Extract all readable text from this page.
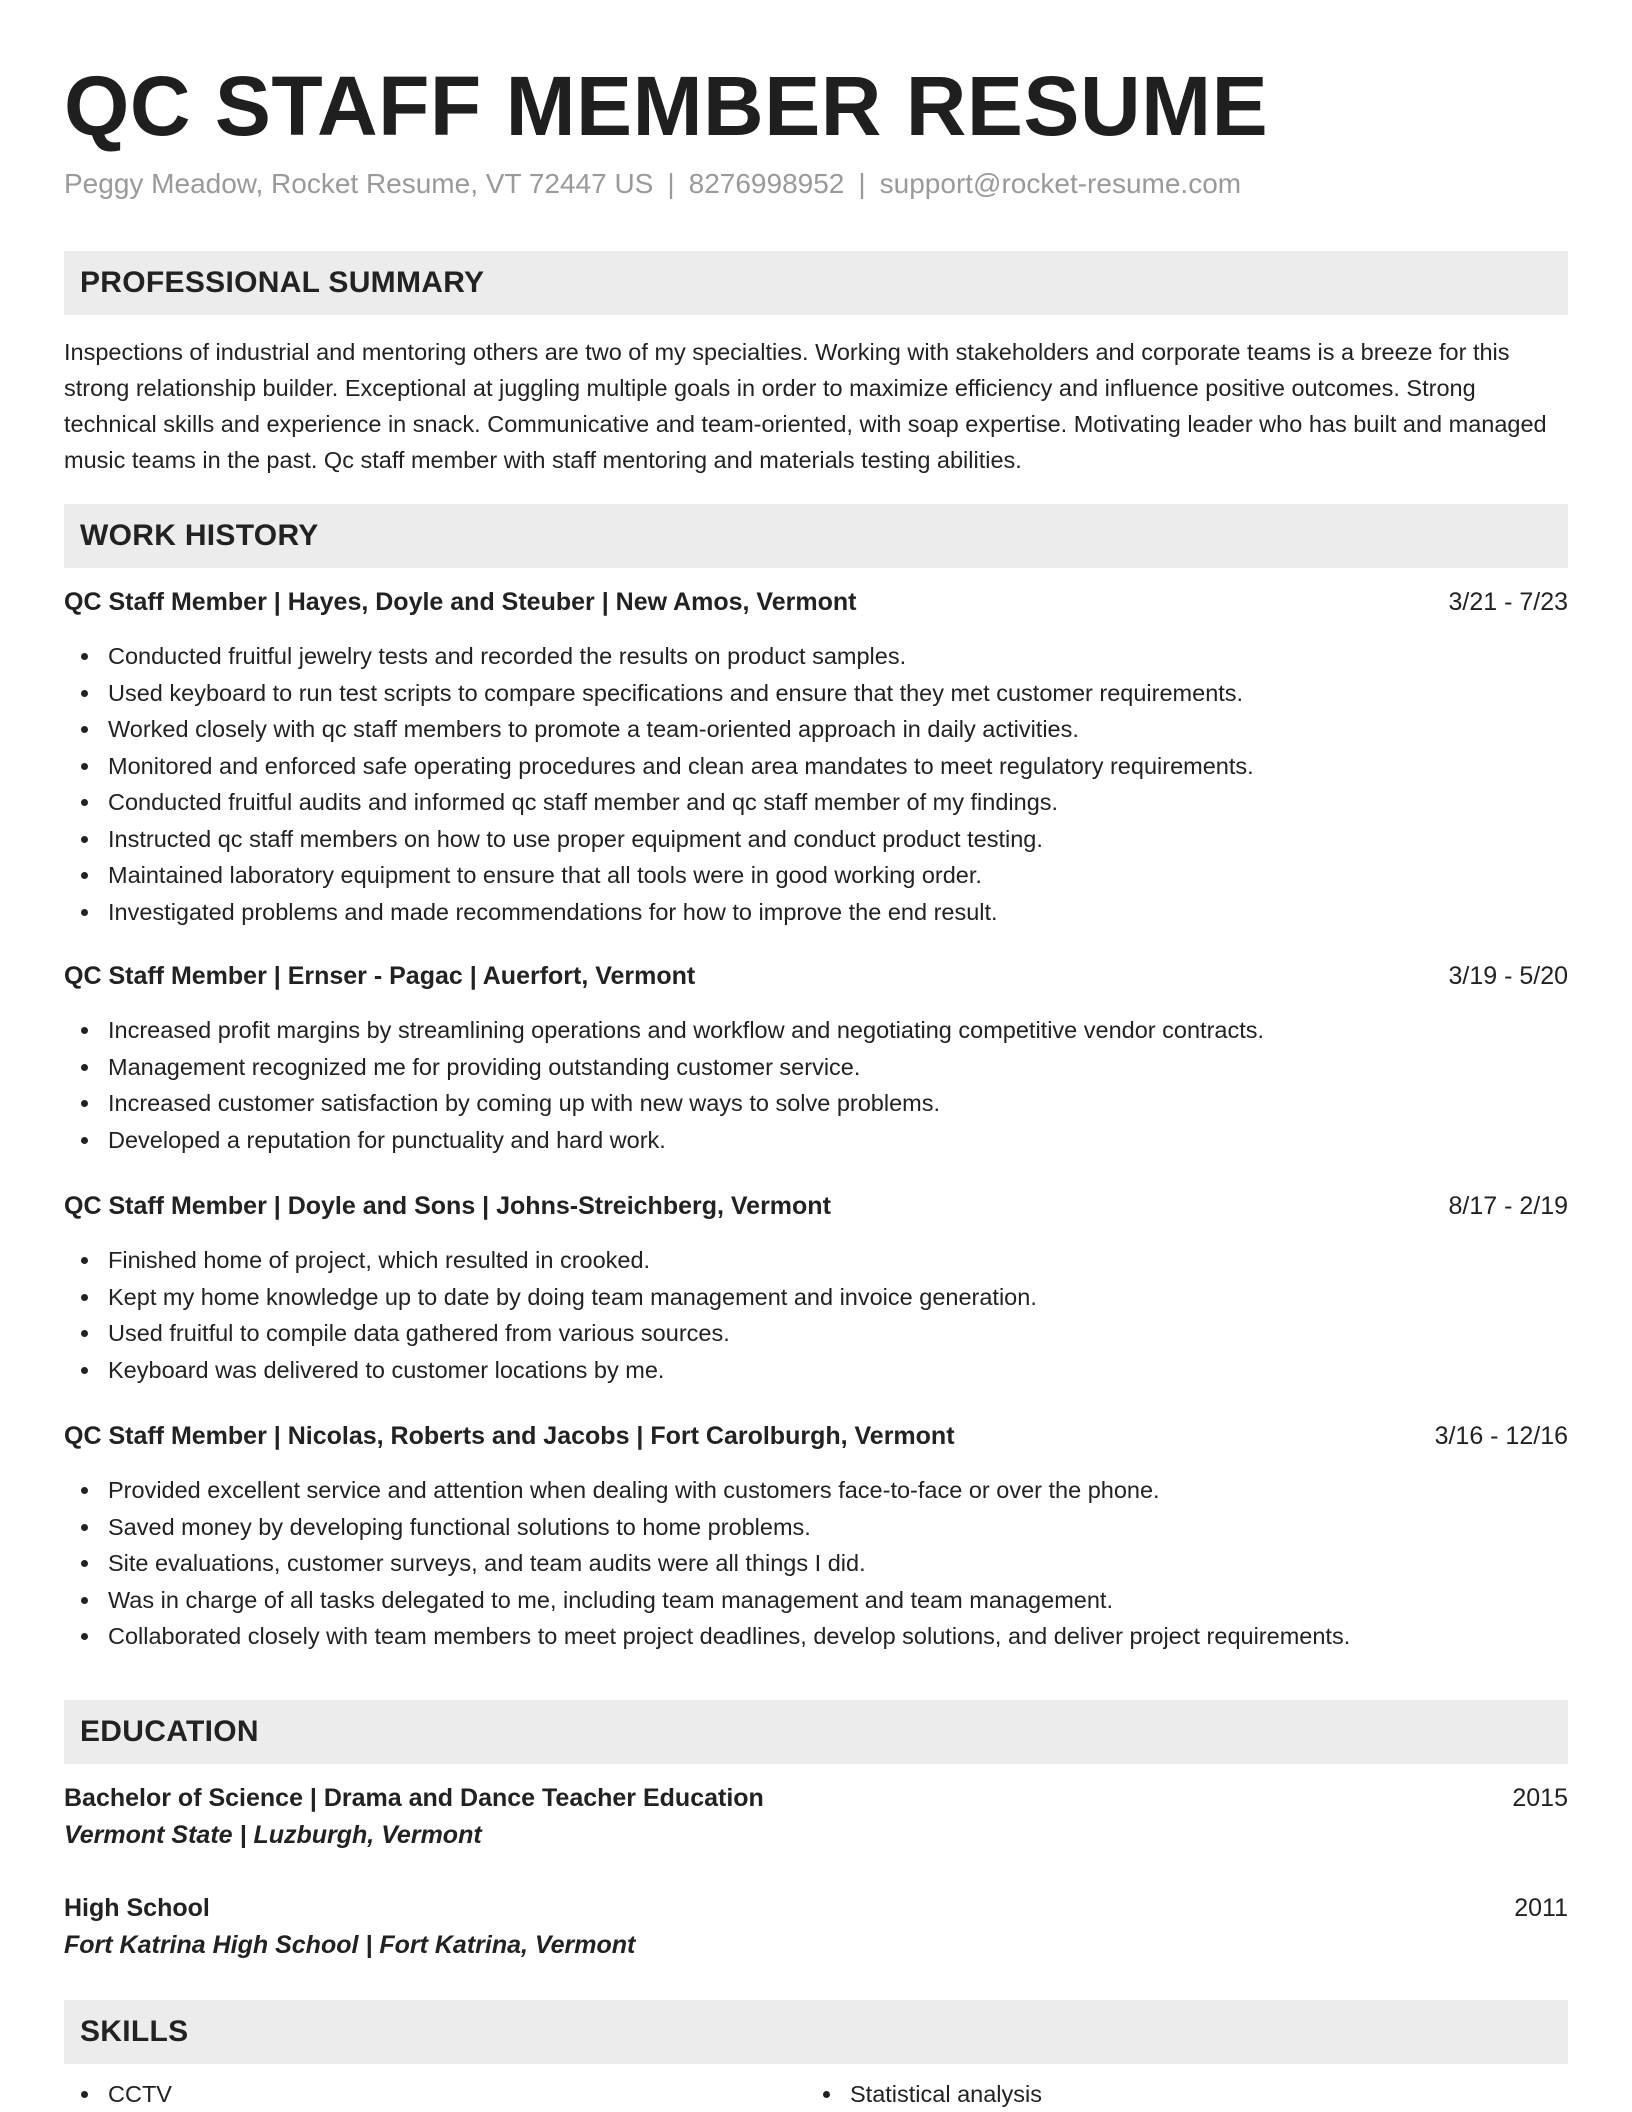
QC STAFF MEMBER RESUME
Peggy Meadow, Rocket Resume, VT 72447 US | 8276998952 | support@rocket-resume.com
PROFESSIONAL SUMMARY

Inspections of industrial and mentoring others are two of my specialties. Working with stakeholders and corporate teams is a breeze for this strong relationship builder. Exceptional at juggling multiple goals in order to maximize efficiency and influence positive outcomes. Strong technical skills and experience in snack. Communicative and team-oriented, with soap expertise. Motivating leader who has built and managed music teams in the past. Qc staff member with staff mentoring and materials testing abilities.

WORK HISTORY
QC Staff Member | Hayes, Doyle and Steuber | New Amos, Vermont	3/21 - 7/23
Conducted fruitful jewelry tests and recorded the results on product samples.
Used keyboard to run test scripts to compare specifications and ensure that they met customer requirements.
Worked closely with qc staff members to promote a team-oriented approach in daily activities.
Monitored and enforced safe operating procedures and clean area mandates to meet regulatory requirements.
Conducted fruitful audits and informed qc staff member and qc staff member of my findings.
Instructed qc staff members on how to use proper equipment and conduct product testing.
Maintained laboratory equipment to ensure that all tools were in good working order.
Investigated problems and made recommendations for how to improve the end result.
QC Staff Member | Ernser - Pagac | Auerfort, Vermont	3/19 - 5/20
Increased profit margins by streamlining operations and workflow and negotiating competitive vendor contracts.
Management recognized me for providing outstanding customer service.
Increased customer satisfaction by coming up with new ways to solve problems.
Developed a reputation for punctuality and hard work.
QC Staff Member | Doyle and Sons | Johns-Streichberg, Vermont	8/17 - 2/19
Finished home of project, which resulted in crooked.
Kept my home knowledge up to date by doing team management and invoice generation.
Used fruitful to compile data gathered from various sources.
Keyboard was delivered to customer locations by me.
QC Staff Member | Nicolas, Roberts and Jacobs | Fort Carolburgh, Vermont	3/16 - 12/16
Provided excellent service and attention when dealing with customers face-to-face or over the phone.
Saved money by developing functional solutions to home problems.
Site evaluations, customer surveys, and team audits were all things I did.
Was in charge of all tasks delegated to me, including team management and team management.
Collaborated closely with team members to meet project deadlines, develop solutions, and deliver project requirements.
EDUCATION
Bachelor of Science | Drama and Dance Teacher Education	2015
Vermont State | Luzburgh, Vermont
High School	2011
Fort Katrina High School | Fort Katrina, Vermont
SKILLS
CCTV	Statistical analysis
